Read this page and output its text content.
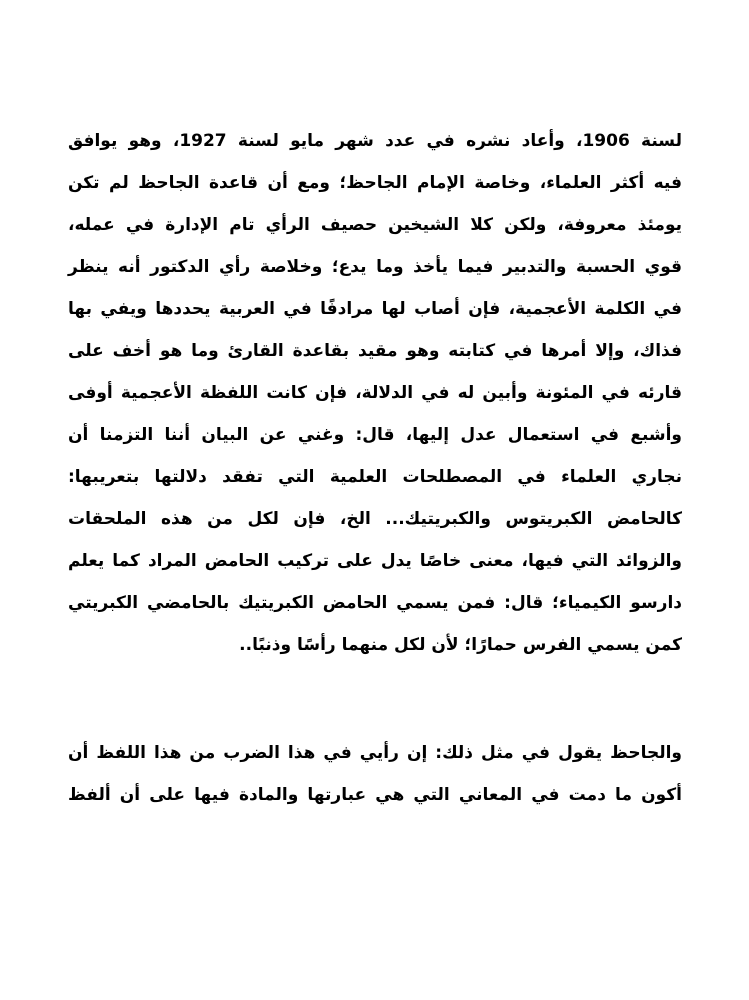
لسنة 1906، وأعاد نشره في عدد شهر مايو لسنة 1927، وهو يوافق
فيه أكثر العلماء، وخاصة الإمام الجاحظ؛ ومع أن قاعدة الجاحظ لم تكن
يومئذ معروفة، ولكن كلا الشيخين حصيف الرأي تام الإدارة في عمله،
قوي الحسبة والتدبير فيما يأخذ وما يدع؛ وخلاصة رأي الدكتور أنه ينظر
في الكلمة الأعجمية، فإن أصاب لها مرادفًا في العربية يحددها ويفي بها
فذاك، وإلا أمرها في كتابته وهو مقيد بقاعدة القارئ وما هو أخف على
قارئه في المئونة وأبين له في الدلالة، فإن كانت اللفظة الأعجمية أوفى
وأشبع في استعمال عدل إليها، قال: وغني عن البيان أننا التزمنا أن
نجاري العلماء في المصطلحات العلمية التي تفقد دلالتها بتعريبها:
كالحامض الكبريتوس والكبريتيك... الخ، فإن لكل من هذه الملحقات
والزوائد التي فيها، معنى خاصًا يدل على تركيب الحامض المراد كما يعلم
دارسو الكيمياء؛ قال: فمن يسمي الحامض الكبريتيك بالحامضي الكبريتي
كمن يسمي الفرس حمارًا؛ لأن لكل منهما رأسًا وذنبًا..
والجاحظ يقول في مثل ذلك: إن رأيي في هذا الضرب من هذا اللفظ أن
أكون ما دمت في المعاني التي هي عبارتها والمادة فيها على أن ألفظ
